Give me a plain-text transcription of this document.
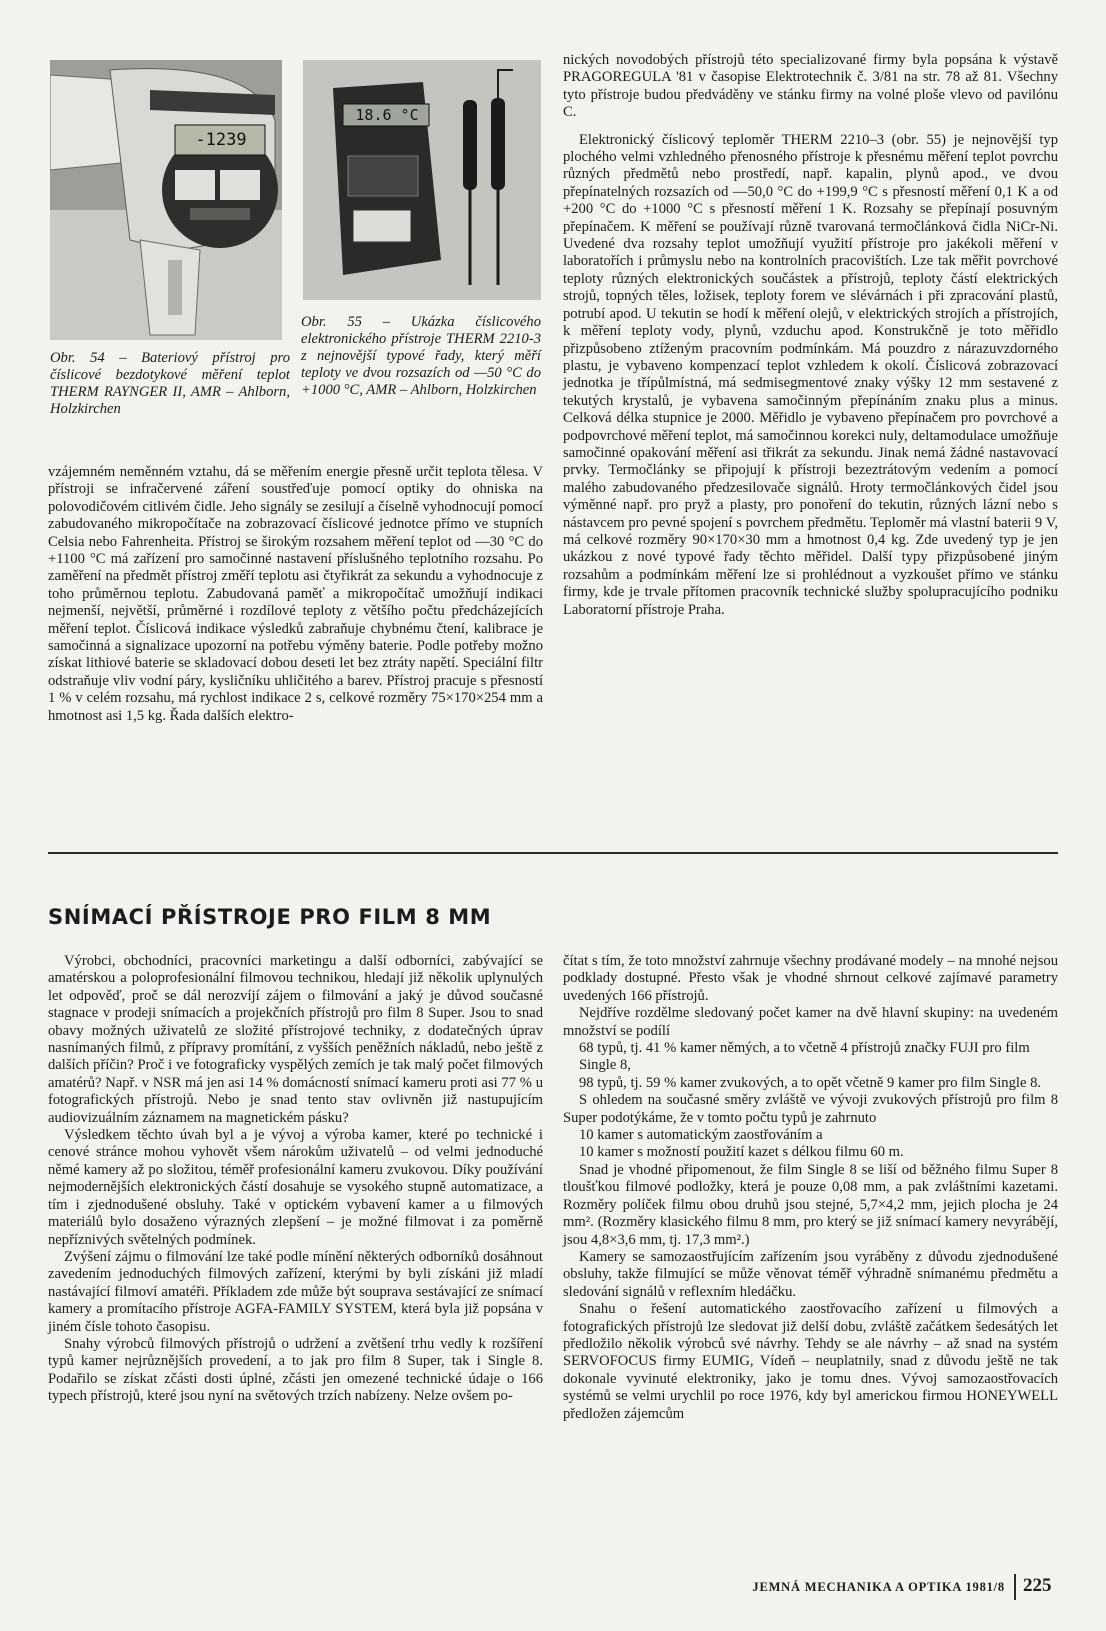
-1239
18.6 °C

Obr. 54 – Bateriový přístroj pro číslicové bezdotykové měření teplot THERM RAYNGER II, AMR – Ahlborn, Holzkirchen

Obr. 55 – Ukázka číslicového elektronického přístroje THERM 2210-3 z nejnovější typové řady, který měří teploty ve dvou rozsazích od —50 °C do +1000 °C, AMR – Ahlborn, Holzkirchen

vzájemném neměnném vztahu, dá se měřením energie přesně určit teplota tělesa. V přístroji se infračervené záření soustřeďuje pomocí optiky do ohniska na polovodičovém citlivém čidle. Jeho signály se zesilují a číselně vyhodnocují pomocí zabudovaného mikropočítače na zobrazovací číslicové jednotce přímo ve stupních Celsia nebo Fahrenheita. Přístroj se širokým rozsahem měření teplot od —30 °C do +1100 °C má zařízení pro samočinné nastavení příslušného teplotního rozsahu. Po zaměření na předmět přístroj změří teplotu asi čtyřikrát za sekundu a vyhodnocuje z toho průměrnou teplotu. Zabudovaná paměť a mikropočítač umožňují indikaci nejmenší, největší, průměrné i rozdílové teploty z většího počtu předcházejících měření teplot. Číslicová indikace výsledků zabraňuje chybnému čtení, kalibrace je samočinná a signalizace upozorní na potřebu výměny baterie. Podle potřeby možno získat lithiové baterie se skladovací dobou deseti let bez ztráty napětí. Speciální filtr odstraňuje vliv vodní páry, kysličníku uhličitého a barev. Přístroj pracuje s přesností 1 % v celém rozsahu, má rychlost indikace 2 s, celkové rozměry 75×170×254 mm a hmotnost asi 1,5 kg. Řada dalších elektro-

nických novodobých přístrojů této specializované firmy byla popsána k výstavě PRAGOREGULA '81 v časopise Elektrotechnik č. 3/81 na str. 78 až 81. Všechny tyto přístroje budou předváděny ve stánku firmy na volné ploše vlevo od pavilónu C.

Elektronický číslicový teploměr THERM 2210–3 (obr. 55) je nejnovější typ plochého velmi vzhledného přenosného přístroje k přesnému měření teplot povrchu různých předmětů nebo prostředí, např. kapalin, plynů apod., ve dvou přepínatelných rozsazích od —50,0 °C do +199,9 °C s přesností měření 0,1 K a od +200 °C do +1000 °C s přesností měření 1 K. Rozsahy se přepínají posuvným přepínačem. K měření se používají různě tvarovaná termočlánková čidla NiCr-Ni. Uvedené dva rozsahy teplot umožňují využití přístroje pro jakékoli měření v laboratořích i průmyslu nebo na kontrolních pracovištích. Lze tak měřit povrchové teploty různých elektronických součástek a přístrojů, teploty částí elektrických strojů, topných těles, ložisek, teploty forem ve slévárnách i při zpracování plastů, potrubí apod. U tekutin se hodí k měření olejů, v elektrických strojích a přístrojích, k měření teploty vody, plynů, vzduchu apod. Konstrukčně je toto měřidlo přizpůsobeno ztíženým pracovním podmínkám. Má pouzdro z nárazuvzdorného plastu, je vybaveno kompenzací teplot vzhledem k okolí. Číslicová zobrazovací jednotka je třípůlmístná, má sedmisegmentové znaky výšky 12 mm sestavené z tekutých krystalů, je vybavena samočinným přepínáním znaku plus a minus. Celková délka stupnice je 2000. Měřidlo je vybaveno přepínačem pro povrchové a podpovrchové měření teplot, má samočinnou korekci nuly, deltamodulace umožňuje samočinné opakování měření asi třikrát za sekundu. Jinak nemá žádné nastavovací prvky. Termočlánky se připojují k přístroji bezeztrátovým vedením a pomocí malého zabudovaného předzesilovače signálů. Hroty termočlánkových čidel jsou výměnné např. pro pryž a plasty, pro ponoření do tekutin, různých lázní nebo s nástavcem pro pevné spojení s povrchem předmětu. Teploměr má vlastní baterii 9 V, má celkové rozměry 90×170×30 mm a hmotnost 0,4 kg. Zde uvedený typ je jen ukázkou z nové typové řady těchto měřidel. Další typy přizpůsobené jiným rozsahům a podmínkám měření lze si prohlédnout a vyzkoušet přímo ve stánku firmy, kde je trvale přítomen pracovník technické služby spolupracujícího podniku Laboratorní přístroje Praha.

SNÍMACÍ PŘÍSTROJE PRO FILM 8 MM

Výrobci, obchodníci, pracovníci marketingu a další odborníci, zabývající se amatérskou a poloprofesionální filmovou technikou, hledají již několik uplynulých let odpověď, proč se dál nerozvíjí zájem o filmování a jaký je důvod současné stagnace v prodeji snímacích a projekčních přístrojů pro film 8 Super. Jsou to snad obavy možných uživatelů ze složité přístrojové techniky, z dodatečných úprav nasnímaných filmů, z přípravy promítání, z vyšších peněžních nákladů, nebo ještě z dalších příčin? Proč i ve fotograficky vyspělých zemích je tak malý počet filmových amatérů? Např. v NSR má jen asi 14 % domácností snímací kameru proti asi 77 % u fotografických přístrojů. Nebo je snad tento stav ovlivněn již nastupujícím audiovizuálním záznamem na magnetickém pásku?

Výsledkem těchto úvah byl a je vývoj a výroba kamer, které po technické i cenové stránce mohou vyhovět všem nárokům uživatelů – od velmi jednoduché němé kamery až po složitou, téměř profesionální kameru zvukovou. Díky používání nejmodernějších elektronických částí dosahuje se vysokého stupně automatizace, a tím i zjednodušené obsluhy. Také v optickém vybavení kamer a u filmových materiálů bylo dosaženo výrazných zlepšení – je možné filmovat i za poměrně nepříznivých světelných podmínek.

Zvýšení zájmu o filmování lze také podle mínění některých odborníků dosáhnout zavedením jednoduchých filmových zařízení, kterými by byli získáni již mladí nastávající filmoví amatéři. Příkladem zde může být souprava sestávající ze snímací kamery a promítacího přístroje AGFA-FAMILY SYSTEM, která byla již popsána v jiném čísle tohoto časopisu.

Snahy výrobců filmových přístrojů o udržení a zvětšení trhu vedly k rozšíření typů kamer nejrůznějších provedení, a to jak pro film 8 Super, tak i Single 8. Podařilo se získat zčásti dosti úplné, zčásti jen omezené technické údaje o 166 typech přístrojů, které jsou nyní na světových trzích nabízeny. Nelze ovšem po-

čítat s tím, že toto množství zahrnuje všechny prodávané modely – na mnohé nejsou podklady dostupné. Přesto však je vhodné shrnout celkové zajímavé parametry uvedených 166 přístrojů.

Nejdříve rozdělme sledovaný počet kamer na dvě hlavní skupiny: na uvedeném množství se podílí

68 typů, tj. 41 % kamer němých, a to včetně 4 přístrojů značky FUJI pro film Single 8,

98 typů, tj. 59 % kamer zvukových, a to opět včetně 9 kamer pro film Single 8.

S ohledem na současné směry zvláště ve vývoji zvukových přístrojů pro film 8 Super podotýkáme, že v tomto počtu typů je zahrnuto

10 kamer s automatickým zaostřováním a

10 kamer s možností použití kazet s délkou filmu 60 m.

Snad je vhodné připomenout, že film Single 8 se liší od běžného filmu Super 8 tloušťkou filmové podložky, která je pouze 0,08 mm, a pak zvláštními kazetami. Rozměry políček filmu obou druhů jsou stejné, 5,7×4,2 mm, jejich plocha je 24 mm². (Rozměry klasického filmu 8 mm, pro který se již snímací kamery nevyrábějí, jsou 4,8×3,6 mm, tj. 17,3 mm².)

Kamery se samozaostřujícím zařízením jsou vyráběny z důvodu zjednodušené obsluhy, takže filmující se může věnovat téměř výhradně snímanému předmětu a sledování signálů v reflexním hledáčku.

Snahu o řešení automatického zaostřovacího zařízení u filmových a fotografických přístrojů lze sledovat již delší dobu, zvláště začátkem šedesátých let předložilo několik výrobců své návrhy. Tehdy se ale návrhy – až snad na systém SERVOFOCUS firmy EUMIG, Vídeň – neuplatnily, snad z důvodu ještě ne tak dokonale vyvinuté elektroniky, jako je tomu dnes. Vývoj samozaostřovacích systémů se velmi urychlil po roce 1976, kdy byl americkou firmou HONEYWELL předložen zájemcům

JEMNÁ MECHANIKA A OPTIKA 1981/8 225
